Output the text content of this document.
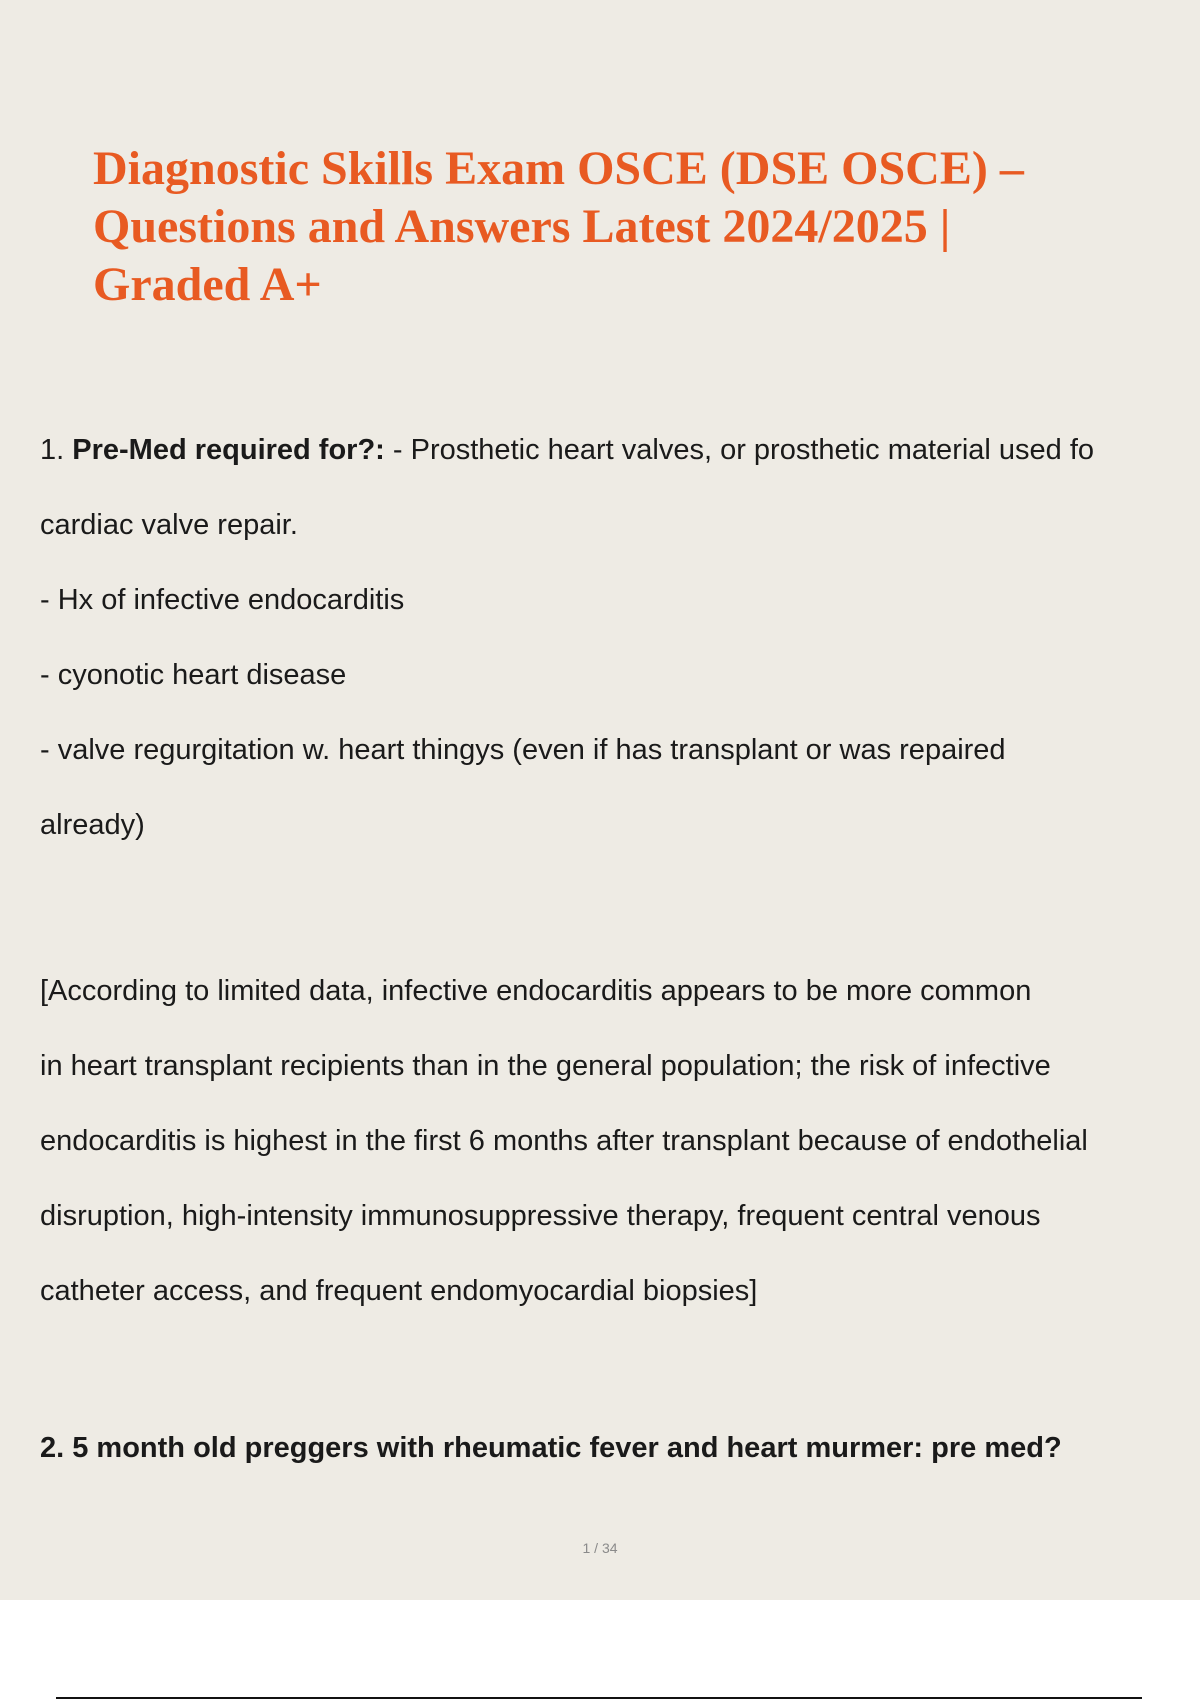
Diagnostic Skills Exam OSCE (DSE OSCE) –
Questions and Answers Latest 2024/2025 |
Graded A+
1. Pre-Med required for?: - Prosthetic heart valves, or prosthetic material used fo
cardiac valve repair.
- Hx of infective endocarditis
- cyonotic heart disease
- valve regurgitation w. heart thingys (even if has transplant or was repaired
already)
[According to limited data, infective endocarditis appears to be more common
in heart transplant recipients than in the general population; the risk of infective
endocarditis is highest in the first 6 months after transplant because of endothelial
disruption, high-intensity immunosuppressive therapy, frequent central venous
catheter access, and frequent endomyocardial biopsies]
2. 5 month old preggers with rheumatic fever and heart murmer: pre med?
1 / 34
